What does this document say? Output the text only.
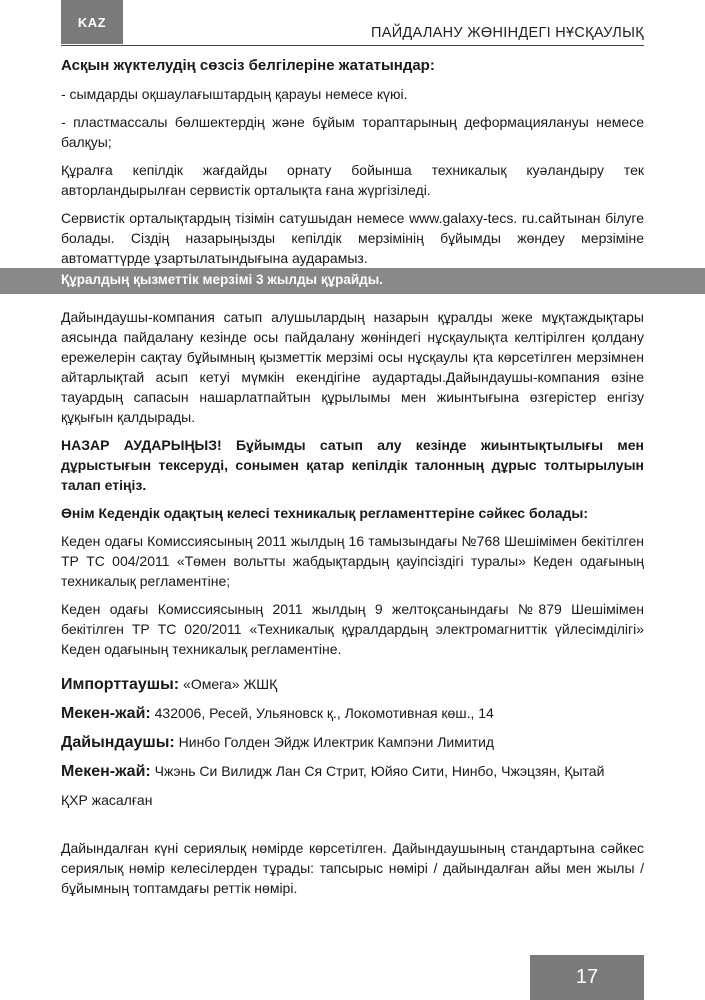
KAZ
ПАЙДАЛАНУ ЖӨНІНДЕГІ НҰСҚАУЛЫҚ
Асқын жүктелудің сөзсіз белгілеріне жататындар:

- сымдарды оқшаулағыштардың қарауы немесе күюі.

- пластмассалы бөлшектердің және бұйым торaптарының деформациялануы немесе балқуы;

Құралға кепілдік жағдайды орнату бойынша техникалық куәландыру тек авторландырылған сервистік орталықта ғана жүргізіледі.

Сервистік орталықтардың тізімін сатушыдан немесе www.galaxy-tecs. ru.сайтынан білуге болады. Сіздің назарыңызды кепілдік мерзімінің бұйымды жөндеу мерзіміне автоматтүрде ұзартылатындығына аударамыз.

Құралдың қызметтік мерзімі 3 жылды құрайды.

Дайындаушы-компания сатып алушылардың назарын құралды жеке мұқтаждықтары аясында пайдалану кезінде осы пайдалану жөніндегі нұсқаулықта келтірілген қолдану ережелерін сақтау бұйымның қызметтік мерзімі осы нұсқаулы қта көрсетілген мерзімнен айтарлықтай асып кетуі мүмкін екендігіне аудартады.Дайындаушы-компания өзіне тауардың сапасын нашарлатпайтын құрылымы мен жиынтығына өзгерістер енгізу құқығын қалдырады.

НАЗАР АУДАРЫҢЫЗ! Бұйымды сатып алу кезінде жиынтықтылығы мен дұрыстығын тексеруді, сонымен қатар кепілдік талонның дұрыс толтырылуын талап етіңіз.

Өнім Кедендік одақтың келесі техникалық регламенттеріне сәйкес болады:

Кеден одағы Комиссиясының 2011 жылдың 16 тамызындағы №768 Шешімімен бекітілген ТР ТС 004/2011 «Төмен вольтты жабдықтардың қауіпсіздігі туралы» Кеден одағының техникалық регламентіне;

Кеден одағы Комиссиясының 2011 жылдың 9 желтоқсанындағы №879 Шешімімен бекітілген ТР ТС 020/2011 «Техникалық құралдардың электромагниттік үйлесімділігі» Кеден одағының техникалық регламентіне.

Импорттаушы: «Омега» ЖШҚ
Мекен-жай: 432006, Ресей, Ульяновск қ., Локомотивная көш., 14
Дайындаушы: Нинбо Голден Эйдж Илектрик Кампэни Лимитид
Мекен-жай: Чжэнь Си Вилидж Лан Ся Стрит, Юйяо Сити, Нинбо, Чжэцзян, Қытай
ҚХР жасалған
Дайындалған күні сериялық нөмірде көрсетілген. Дайындаушының стандартына сәйкес сериялық нөмір келесілерден тұрады: тапсырыс нөмірі / дайындалған айы мен жылы / бұйымның топтамдағы реттік нөмірі.
17
